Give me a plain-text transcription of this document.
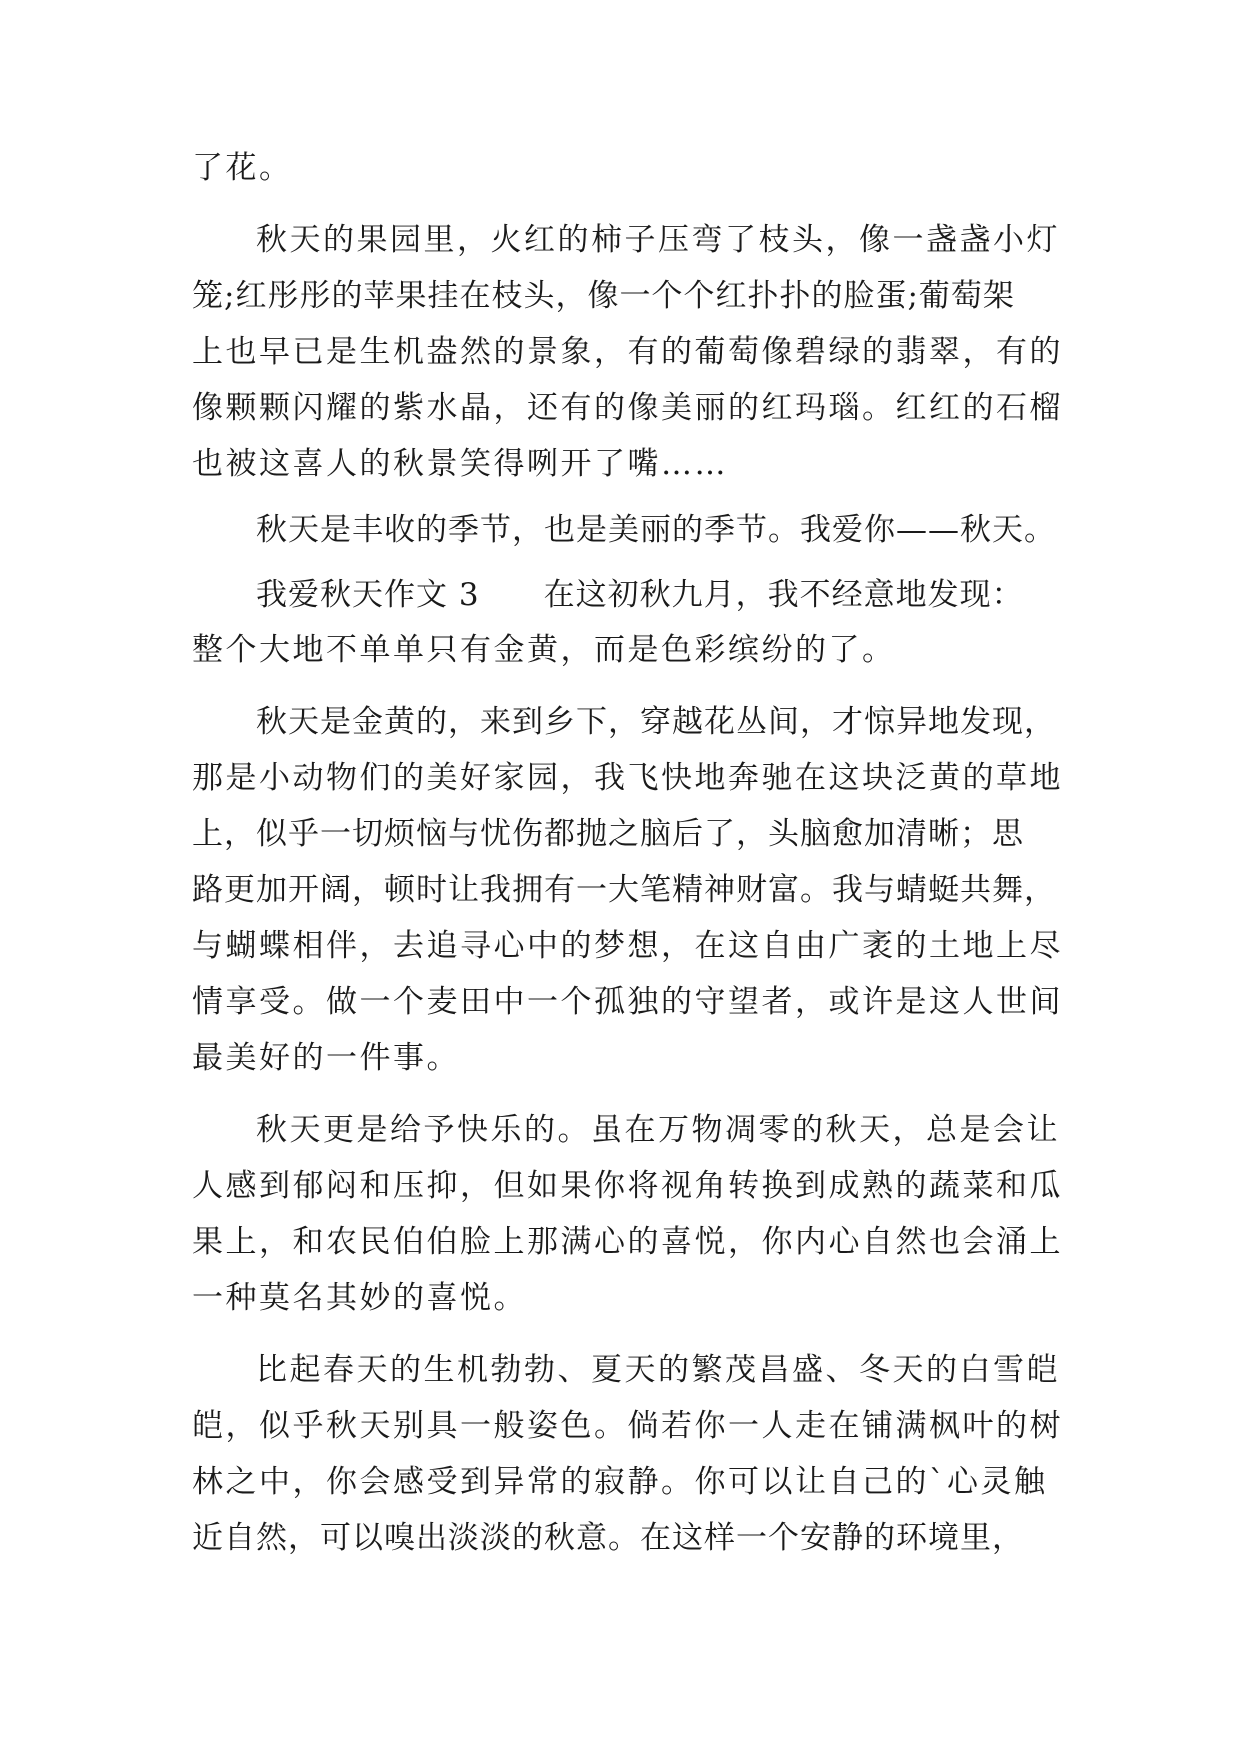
了花。
秋天的果园里，火红的柿子压弯了枝头，像一盏盏小灯
笼;红彤彤的苹果挂在枝头，像一个个红扑扑的脸蛋;葡萄架
上也早已是生机盎然的景象，有的葡萄像碧绿的翡翠，有的
像颗颗闪耀的紫水晶，还有的像美丽的红玛瑙。红红的石榴
也被这喜人的秋景笑得咧开了嘴……
秋天是丰收的季节，也是美丽的季节。我爱你——秋天。
我爱秋天作文 3　　在这初秋九月，我不经意地发现：
整个大地不单单只有金黄，而是色彩缤纷的了。
秋天是金黄的，来到乡下，穿越花丛间，才惊异地发现，
那是小动物们的美好家园，我飞快地奔驰在这块泛黄的草地
上，似乎一切烦恼与忧伤都抛之脑后了，头脑愈加清晰；思
路更加开阔，顿时让我拥有一大笔精神财富。我与蜻蜓共舞，
与蝴蝶相伴，去追寻心中的梦想，在这自由广袤的土地上尽
情享受。做一个麦田中一个孤独的守望者，或许是这人世间
最美好的一件事。
秋天更是给予快乐的。虽在万物凋零的秋天，总是会让
人感到郁闷和压抑，但如果你将视角转换到成熟的蔬菜和瓜
果上，和农民伯伯脸上那满心的喜悦，你内心自然也会涌上
一种莫名其妙的喜悦。
比起春天的生机勃勃、夏天的繁茂昌盛、冬天的白雪皑
皑，似乎秋天别具一般姿色。倘若你一人走在铺满枫叶的树
林之中，你会感受到异常的寂静。你可以让自己的`心灵触
近自然，可以嗅出淡淡的秋意。在这样一个安静的环境里，
